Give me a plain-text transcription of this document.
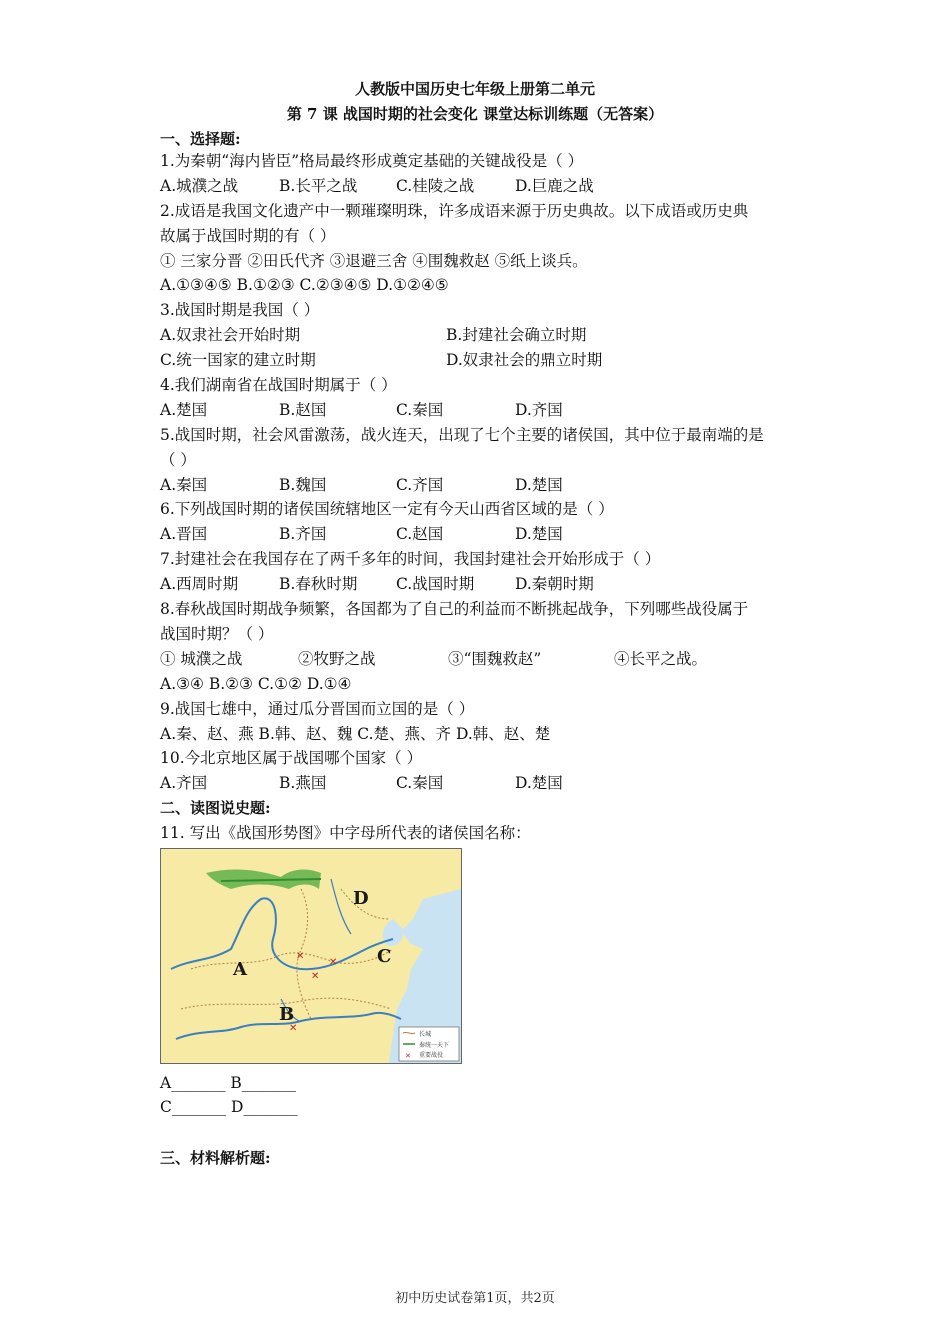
人教版中国历史七年级上册第二单元
第 7 课 战国时期的社会变化 课堂达标训练题（无答案）
一、选择题:
1.为秦朝“海内皆臣”格局最终形成奠定基础的关键战役是（ ）
A.城濮之战	B.长平之战 C.桂陵之战	D.巨鹿之战
2.成语是我国文化遗产中一颗璀璨明珠，许多成语来源于历史典故。以下成语或历史典
故属于战国时期的有（ ）
① 三家分晋 ②田氏代齐 ③退避三舍 ④围魏救赵 ⑤纸上谈兵。
A.①③④⑤ B.①②③ C.②③④⑤ D.①②④⑤
3.战国时期是我国（ ）
A.奴隶社会开始时期	B.封建社会确立时期
C.统一国家的建立时期	D.奴隶社会的鼎立时期
4.我们湖南省在战国时期属于（ ）
A.楚国	B.赵国	C.秦国	D.齐国
5.战国时期，社会风雷激荡，战火连天，出现了七个主要的诸侯国，其中位于最南端的是
（ ）
A.秦国	B.魏国	C.齐国	D.楚国
6.下列战国时期的诸侯国统辖地区一定有今天山西省区域的是（ ）
A.晋国	B.齐国	C.赵国	D.楚国
7.封建社会在我国存在了两千多年的时间，我国封建社会开始形成于（ ）
A.西周时期	B.春秋时期 C.战国时期	D.秦朝时期
8.春秋战国时期战争频繁，各国都为了自己的利益而不断挑起战争，下列哪些战役属于
战国时期？（ ）
① 城濮之战	②牧野之战	③“围魏救赵”	④长平之战。
A.③④ B.②③ C.①② D.①④
9.战国七雄中，通过瓜分晋国而立国的是（ ）
A.秦、赵、燕 B.韩、赵、魏 C.楚、燕、齐 D.韩、赵、楚
10.今北京地区属于战国哪个国家（ ）
A.齐国	B.燕国	C.秦国	D.楚国
二、读图说史题:
11. 写出《战国形势图》中字母所代表的诸侯国名称：
✕
✕
✕
✕
A
B
C
D
长城
秦统一天下
✕ 重要战役
A_______ B_______
C_______ D_______
三、材料解析题:
初中历史试卷第1页，共2页
